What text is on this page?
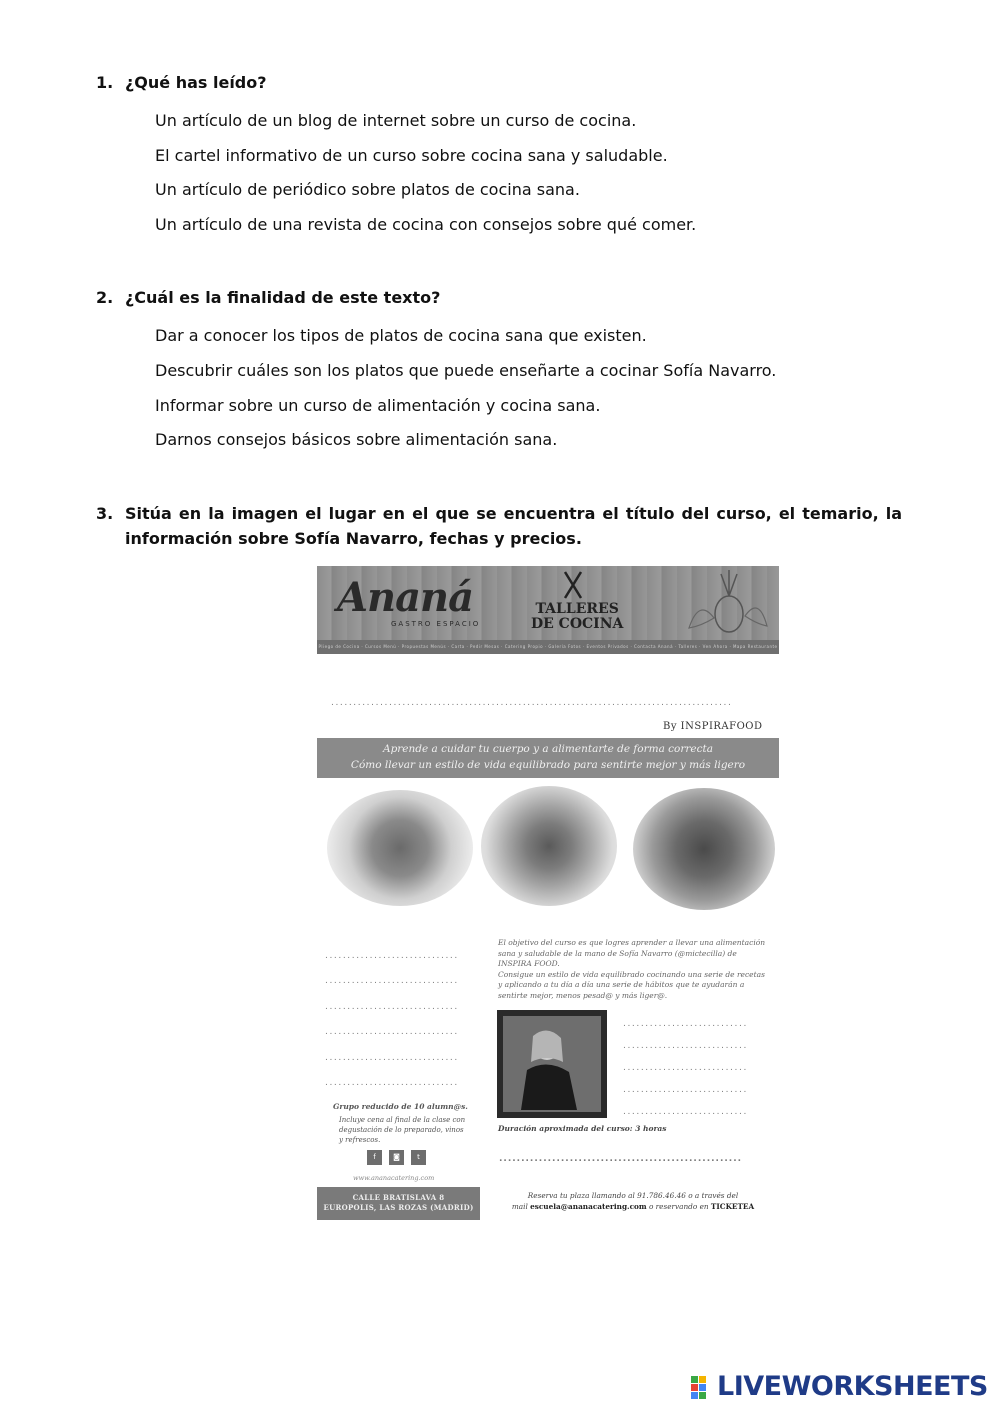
1. ¿Qué has leído?
Un artículo de un blog de internet sobre un curso de cocina.
El cartel informativo de un curso sobre cocina sana y saludable.
Un artículo de periódico sobre platos de cocina sana.
Un artículo de una revista de cocina con consejos sobre qué comer.
2. ¿Cuál es la finalidad de este texto?
Dar a conocer los tipos de platos de cocina sana que existen.
Descubrir cuáles son los platos que puede enseñarte a cocinar Sofía Navarro.
Informar sobre un curso de alimentación y cocina sana.
Darnos consejos básicos sobre alimentación sana.
3. Sitúa en la imagen el lugar en el que se encuentra el título del curso, el temario, la información sobre Sofía Navarro, fechas y precios.
Ananá
GASTRO ESPACIO
TALLERES
DE COCINA
Pliego de Cocina · Cursos Menú · Propuestas Menús · Carta · Pedir Mesas · Catering Propio · Galería Fotos · Eventos Privados · Contacta Ananá · Talleres · Ven Ahora · Mapa Restaurante
..........................................................................................
By INSPIRAFOOD
Aprende a cuidar tu cuerpo y a alimentarte de forma correcta
Cómo llevar un estilo de vida equilibrado para sentirte mejor y más ligero
..............................
..............................
..............................
..............................
..............................
..............................
El objetivo del curso es que logres aprender a llevar una alimentación sana y saludable de la mano de Sofía Navarro (@mictecilla) de INSPIRA FOOD.
Consigue un estilo de vida equilibrado cocinando una serie de recetas y aplicando a tu día a día una serie de hábitos que te ayudarán a sentirte mejor, menos pesad@ y más liger@.
............................
............................
............................
............................
............................
Grupo reducido de 10 alumn@s.
Incluye cena al final de la clase con degustación de lo preparado, vinos y refrescos.
Duración aproximada del curso: 3 horas
.......................................................
f	◙	t
www.ananacatering.com
CALLE BRATISLAVA 8
EUROPOLIS, LAS ROZAS (MADRID)
Reserva tu plaza llamando al 91.786.46.46 o a través del
mail escuela@ananacatering.com o reservando en TICKETEA
LIVEWORKSHEETS
